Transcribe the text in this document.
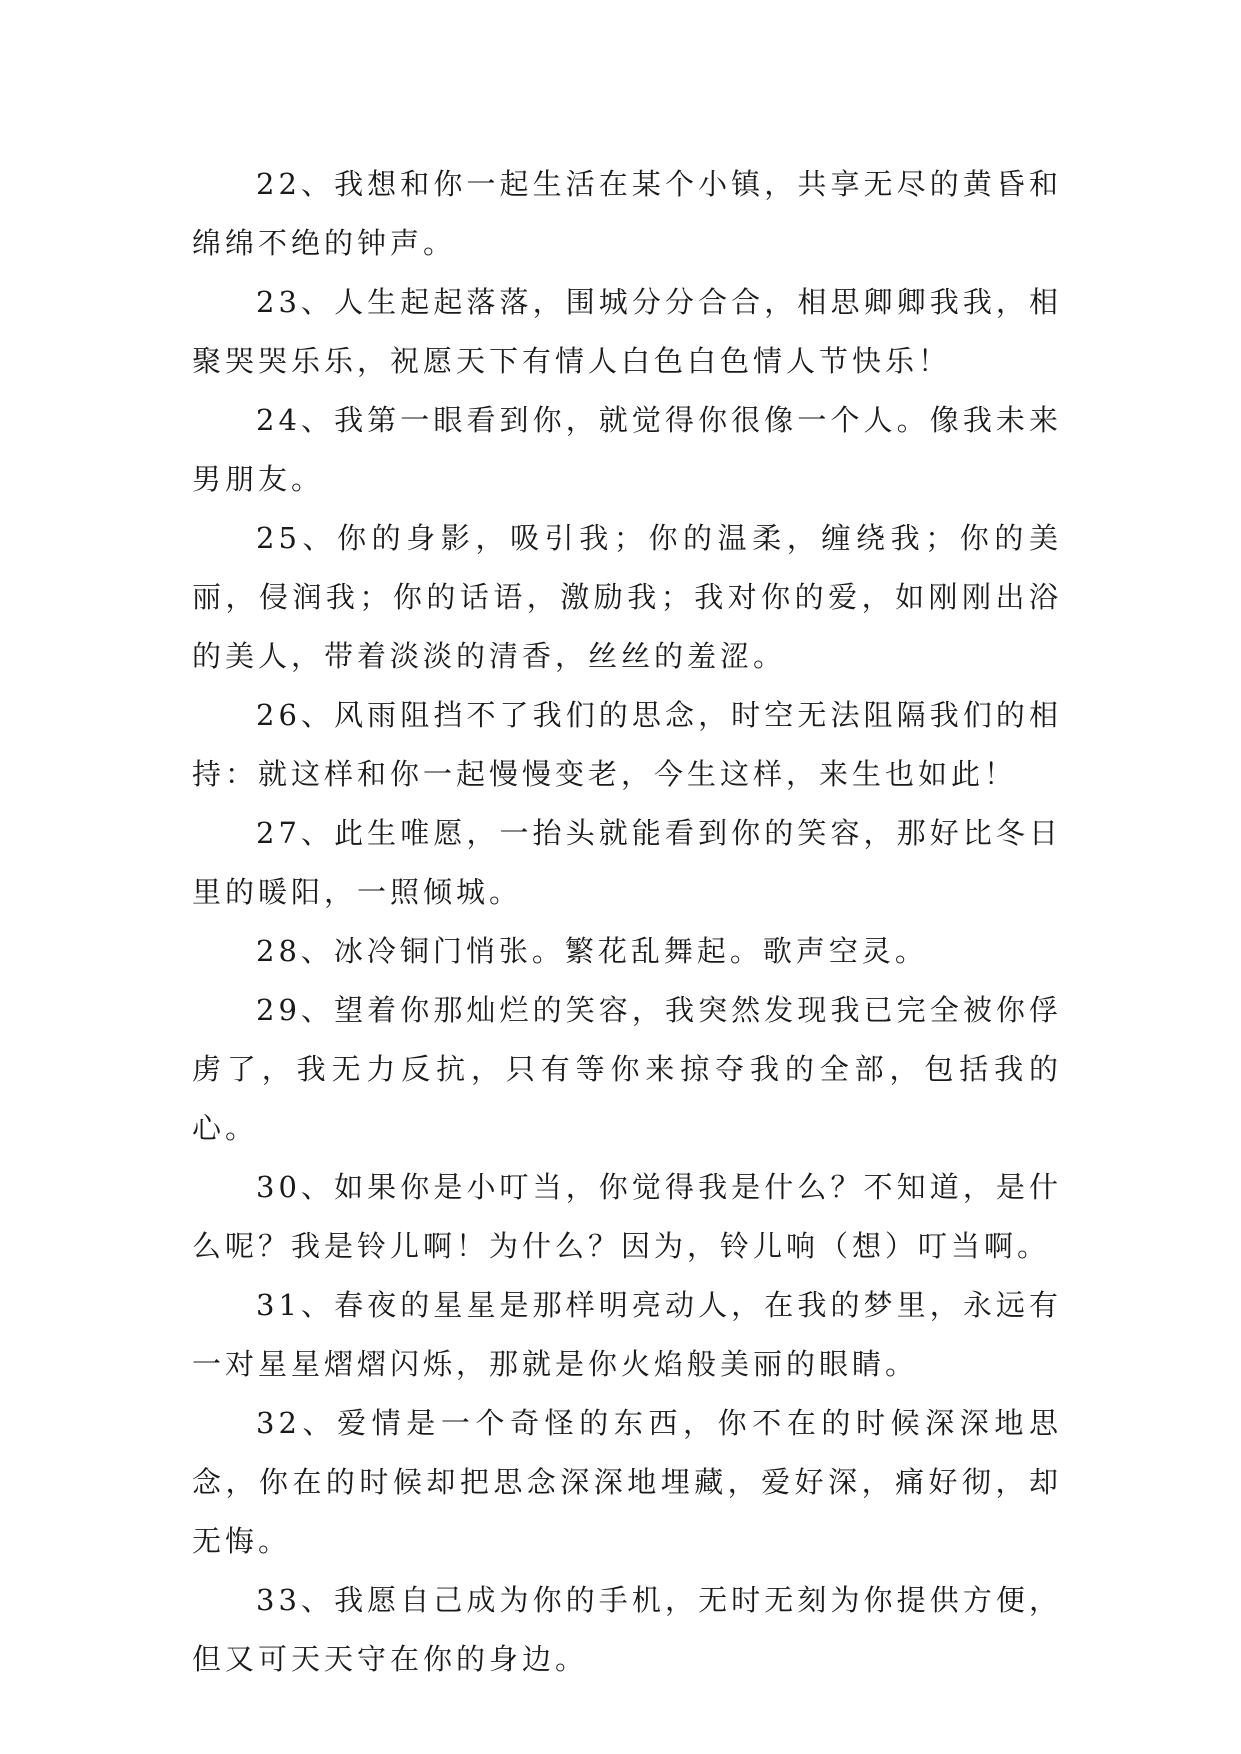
22、我想和你一起生活在某个小镇，共享无尽的黄昏和绵绵不绝的钟声。

23、人生起起落落，围城分分合合，相思卿卿我我，相聚哭哭乐乐，祝愿天下有情人白色白色情人节快乐！

24、我第一眼看到你，就觉得你很像一个人。像我未来男朋友。

25、你的身影，吸引我；你的温柔，缠绕我；你的美丽，侵润我；你的话语，激励我；我对你的爱，如刚刚出浴的美人，带着淡淡的清香，丝丝的羞涩。

26、风雨阻挡不了我们的思念，时空无法阻隔我们的相持：就这样和你一起慢慢变老，今生这样，来生也如此！

27、此生唯愿，一抬头就能看到你的笑容，那好比冬日里的暖阳，一照倾城。

28、冰冷铜门悄张。繁花乱舞起。歌声空灵。

29、望着你那灿烂的笑容，我突然发现我已完全被你俘虏了，我无力反抗，只有等你来掠夺我的全部，包括我的心。

30、如果你是小叮当，你觉得我是什么？不知道，是什么呢？我是铃儿啊！为什么？因为，铃儿响（想）叮当啊。

31、春夜的星星是那样明亮动人，在我的梦里，永远有一对星星熠熠闪烁，那就是你火焰般美丽的眼睛。

32、爱情是一个奇怪的东西，你不在的时候深深地思念，你在的时候却把思念深深地埋藏，爱好深，痛好彻，却无悔。

33、我愿自己成为你的手机，无时无刻为你提供方便，但又可天天守在你的身边。
